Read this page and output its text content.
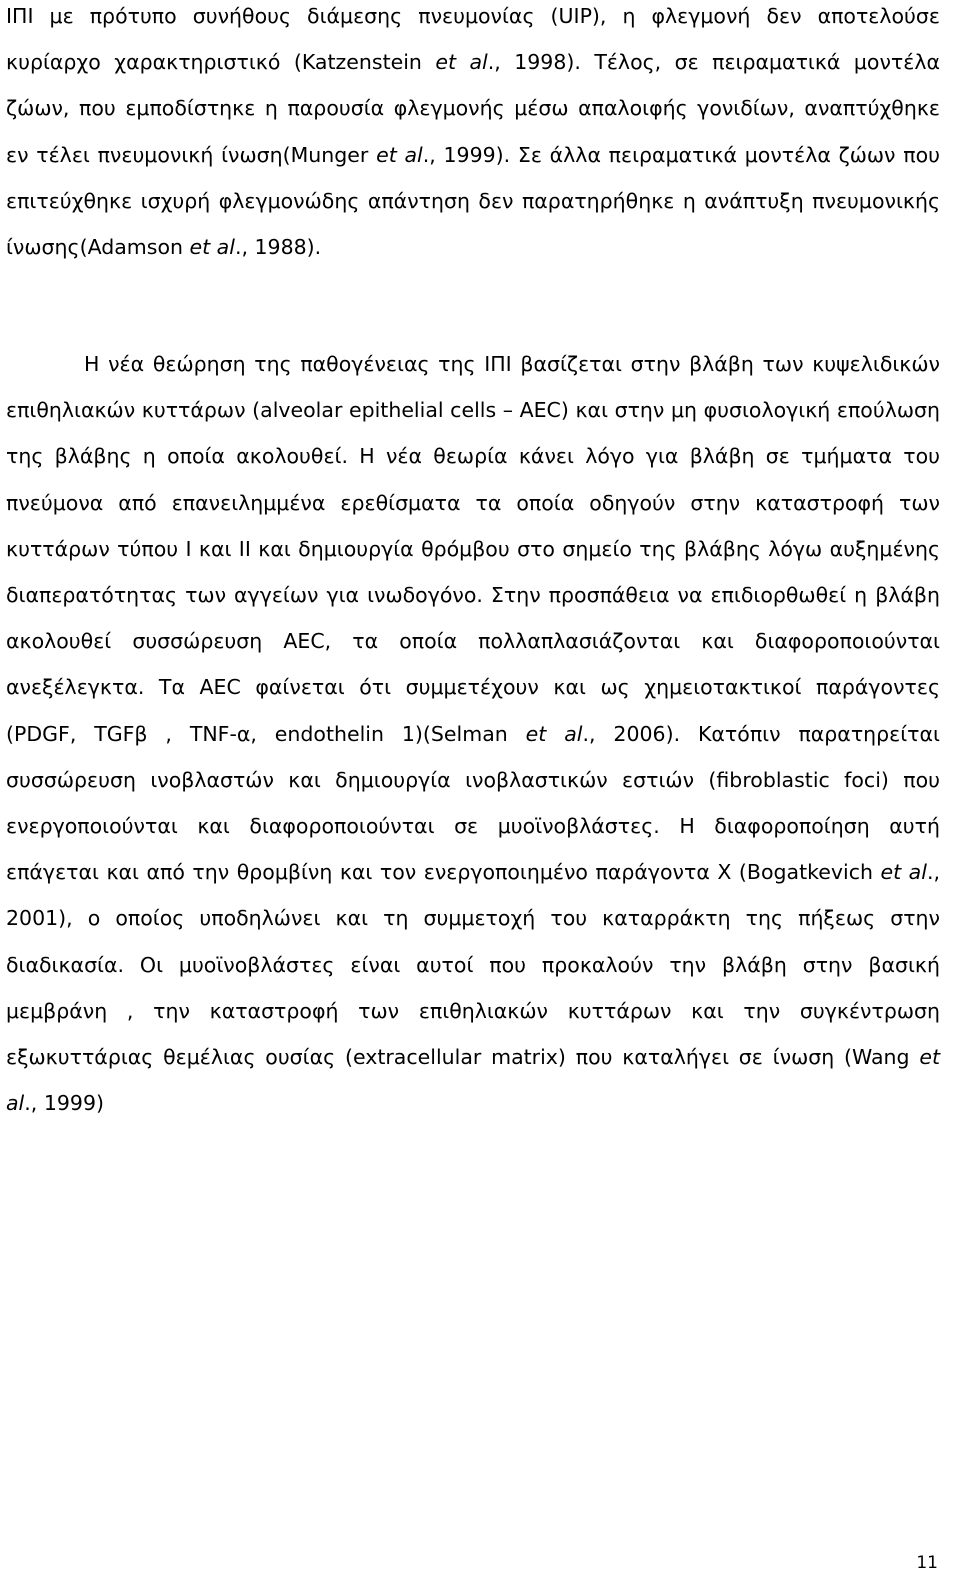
ΙΠΙ με πρότυπο συνήθους διάμεσης πνευμονίας (UIP), η φλεγμονή δεν αποτελούσε κυρίαρχο χαρακτηριστικό (Katzenstein et al., 1998). Τέλος, σε πειραματικά μοντέλα ζώων, που εμποδίστηκε η παρουσία φλεγμονής μέσω απαλοιφής γονιδίων, αναπτύχθηκε εν τέλει πνευμονική ίνωση(Munger et al., 1999). Σε άλλα πειραματικά μοντέλα ζώων που επιτεύχθηκε ισχυρή φλεγμονώδης απάντηση δεν παρατηρήθηκε η ανάπτυξη πνευμονικής ίνωσης(Adamson et al., 1988).

Η νέα θεώρηση της παθογένειας της ΙΠΙ βασίζεται στην βλάβη των κυψελιδικών επιθηλιακών κυττάρων (alveolar epithelial cells – AEC) και στην μη φυσιολογική επούλωση της βλάβης η οποία ακολουθεί. Η νέα θεωρία κάνει λόγο για βλάβη σε τμήματα του πνεύμονα από επανειλημμένα ερεθίσματα τα οποία οδηγούν στην καταστροφή των κυττάρων τύπου Ι και ΙΙ και δημιουργία θρόμβου στο σημείο της βλάβης λόγω αυξημένης διαπερατότητας των αγγείων για ινωδογόνο. Στην προσπάθεια να επιδιορθωθεί η βλάβη ακολουθεί συσσώρευση AEC, τα οποία πολλαπλασιάζονται και διαφοροποιούνται ανεξέλεγκτα. Τα AEC φαίνεται ότι συμμετέχουν και ως χημειοτακτικοί παράγοντες (PDGF, TGFβ , TNF-α, endothelin 1)(Selman et al., 2006). Κατόπιν παρατηρείται συσσώρευση ινοβλαστών και δημιουργία ινοβλαστικών εστιών (fibroblastic foci) που ενεργοποιούνται και διαφοροποιούνται σε μυοϊνοβλάστες. Η διαφοροποίηση αυτή επάγεται και από την θρομβίνη και τον ενεργοποιημένο παράγοντα Χ (Bogatkevich et al., 2001), ο οποίος υποδηλώνει και τη συμμετοχή του καταρράκτη της πήξεως στην διαδικασία. Οι μυοϊνοβλάστες είναι αυτοί που προκαλούν την βλάβη στην βασική μεμβράνη , την καταστροφή των επιθηλιακών κυττάρων και την συγκέντρωση εξωκυττάριας θεμέλιας ουσίας (extracellular matrix) που καταλήγει σε ίνωση (Wang et al., 1999)

11
